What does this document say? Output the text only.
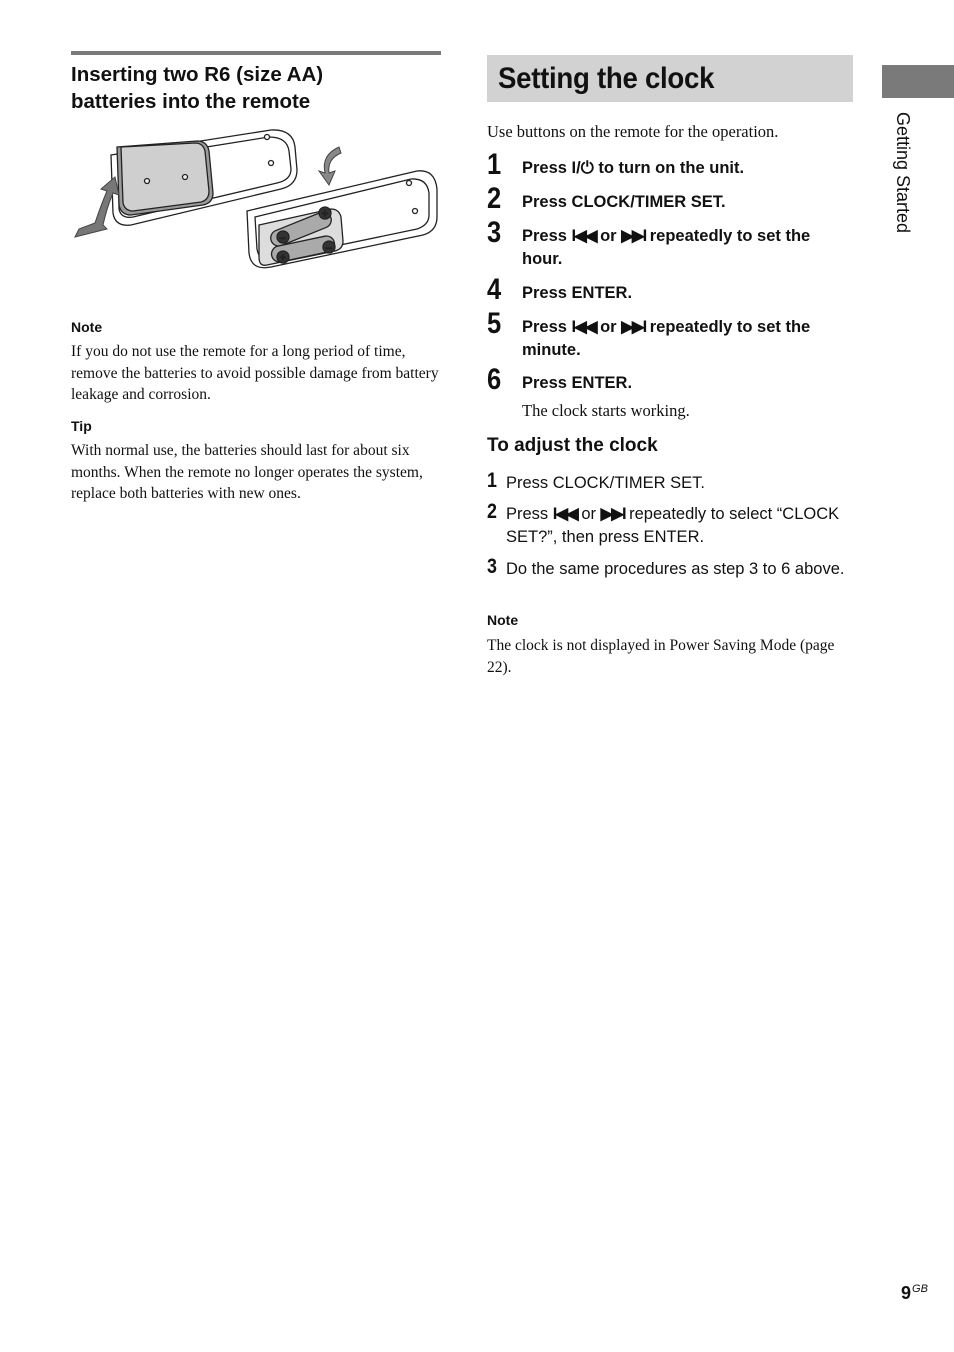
Inserting two R6 (size AA)
batteries into the remote
+
–
+
–

Note

If you do not use the remote for a long period of time, remove the batteries to avoid possible damage from battery leakage and corrosion.

Tip

With normal use, the batteries should last for about six months. When the remote no longer operates the system, replace both batteries with new ones.

Setting the clock

Use buttons on the remote for the operation.

1 Press I/⏻ to turn on the unit.
2 Press CLOCK/TIMER SET.
3 Press I◀◀ or ▶▶I repeatedly to set the hour.
4 Press ENTER.
5 Press I◀◀ or ▶▶I repeatedly to set the minute.
6 Press ENTER.
The clock starts working.
To adjust the clock
1 Press CLOCK/TIMER SET.
2 Press I◀◀ or ▶▶I repeatedly to select “CLOCK SET?”, then press ENTER.
3 Do the same procedures as step 3 to 6 above.

Note

The clock is not displayed in Power Saving Mode (page 22).

Getting Started
$9^{GB}$
